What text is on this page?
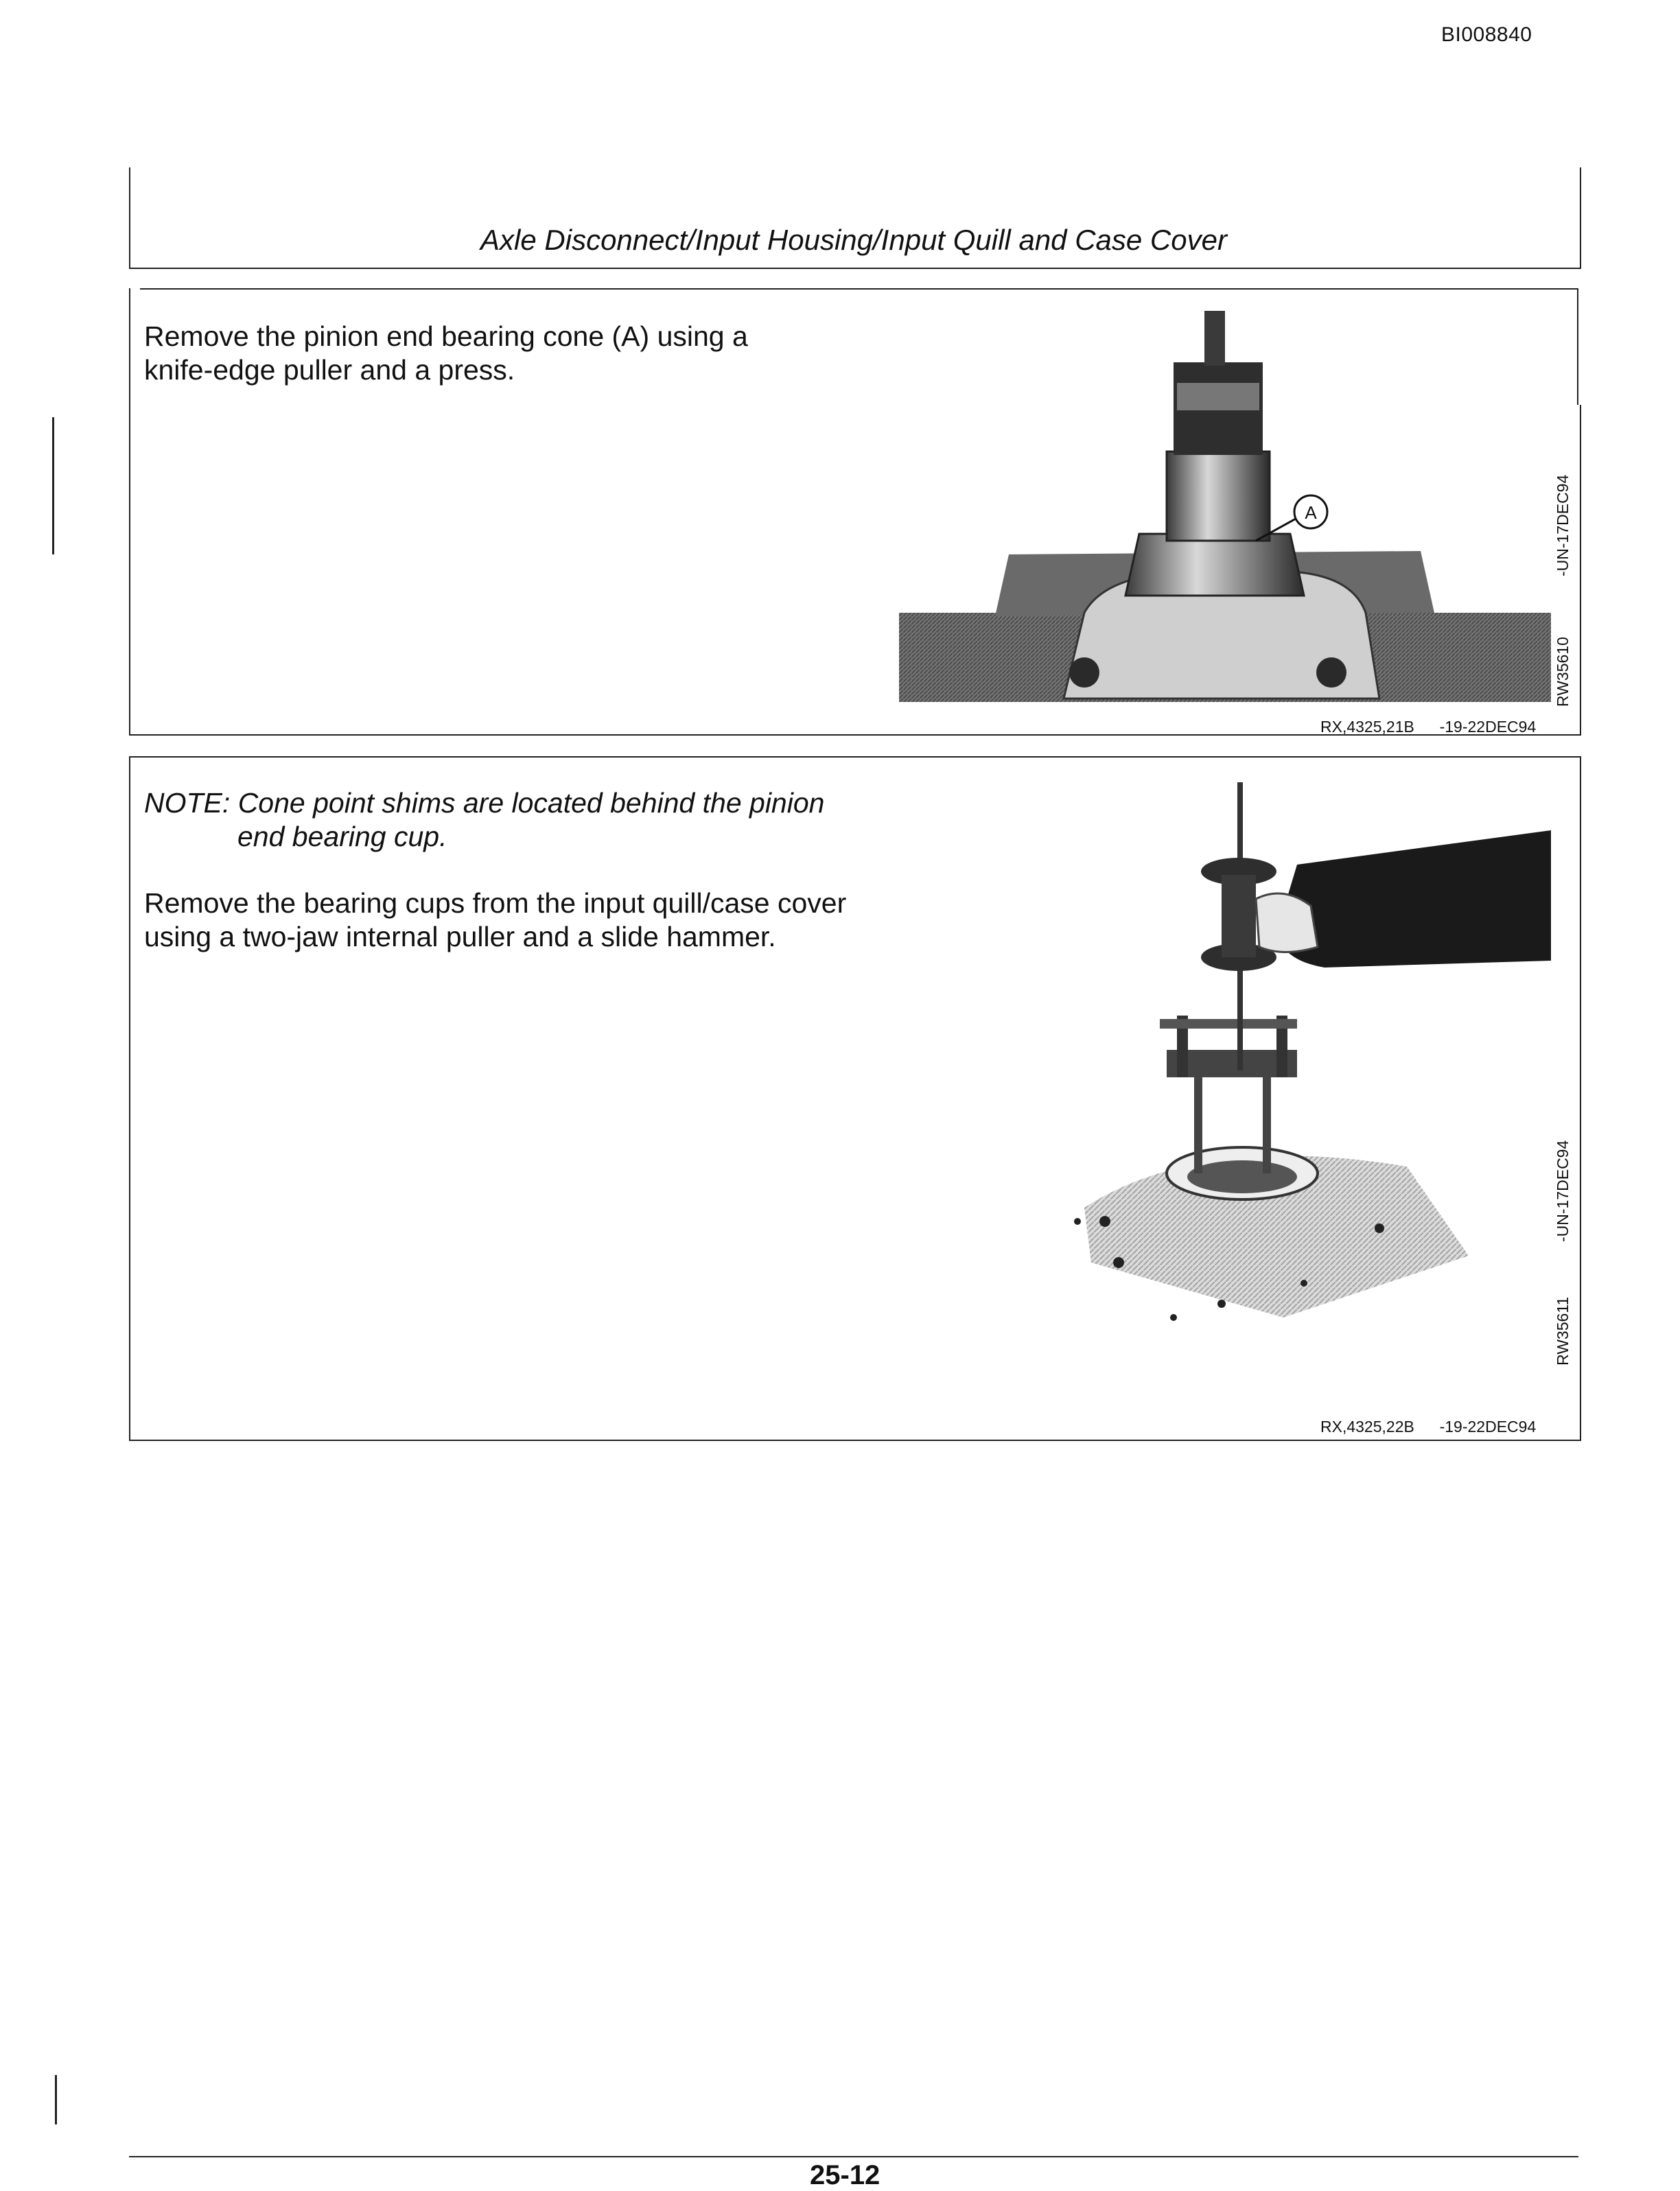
BI008840
Axle Disconnect/Input Housing/Input Quill and Case Cover
Remove the pinion end bearing cone (A) using a
knife-edge puller and a press.
A
RW35610
-UN-17DEC94
RX,4325,21B -19-22DEC94
NOTE: Cone point shims are located behind the pinion
end bearing cup.
Remove the bearing cups from the input quill/case cover
using a two-jaw internal puller and a slide hammer.
RW35611
-UN-17DEC94
RX,4325,22B -19-22DEC94
25-12
